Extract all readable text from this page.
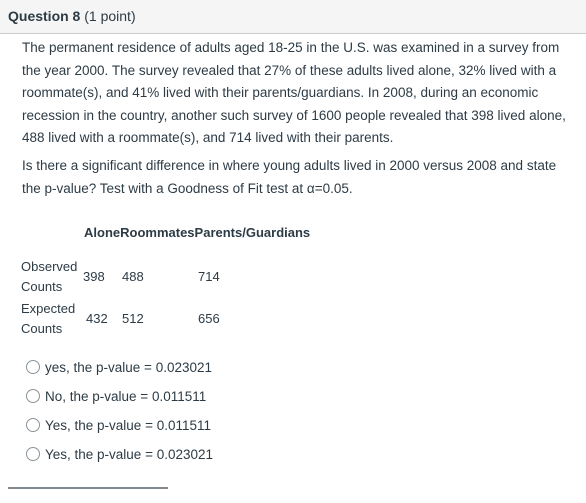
Question 8 (1 point)

The permanent residence of adults aged 18-25 in the U.S. was examined in a survey from the year 2000. The survey revealed that 27% of these adults lived alone, 32% lived with a roommate(s), and 41% lived with their parents/guardians. In 2008, during an economic recession in the country, another such survey of 1600 people revealed that 398 lived alone, 488 lived with a roommate(s), and 714 lived with their parents.

Is there a significant difference in where young adults lived in 2000 versus 2008 and state the p-value? Test with a Goodness of Fit test at α=0.05.

AloneRoommatesParents/Guardians
Observed
Counts
398 488	714
Expected
Counts
432 512	656
yes, the p-value = 0.023021
No, the p-value = 0.011511
Yes, the p-value = 0.011511
Yes, the p-value = 0.023021
